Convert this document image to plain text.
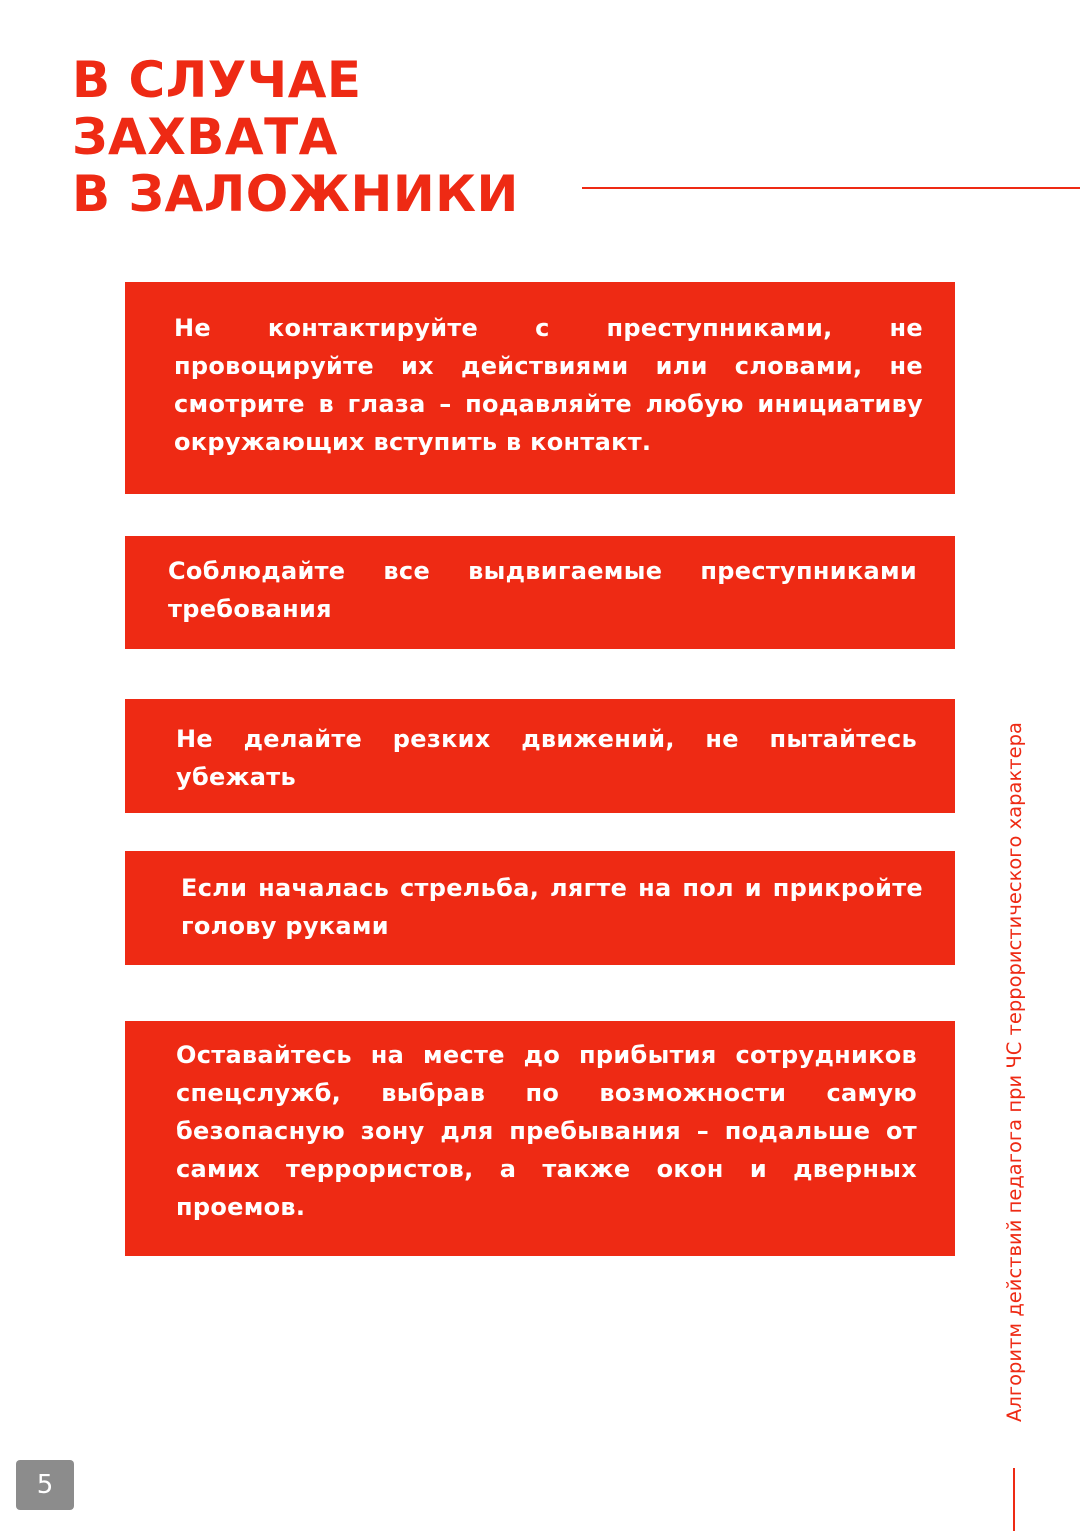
В СЛУЧАЕ
ЗАХВАТА
В ЗАЛОЖНИКИ

Не контактируйте с преступниками, не провоцируйте их действиями или словами, не смотрите в глаза – подавляйте любую инициативу окружающих вступить в контакт.

Соблюдайте все выдвигаемые преступниками требования

Не делайте резких движений, не пытайтесь убежать

Если началась стрельба, лягте на пол и прикройте голову руками

Оставайтесь на месте до прибытия сотрудников спецслужб, выбрав по возможности самую безопасную зону для пребывания – подальше от самих террористов, а также окон и дверных проемов.	Алгоритм действий педагога при ЧС террористического характера
5
